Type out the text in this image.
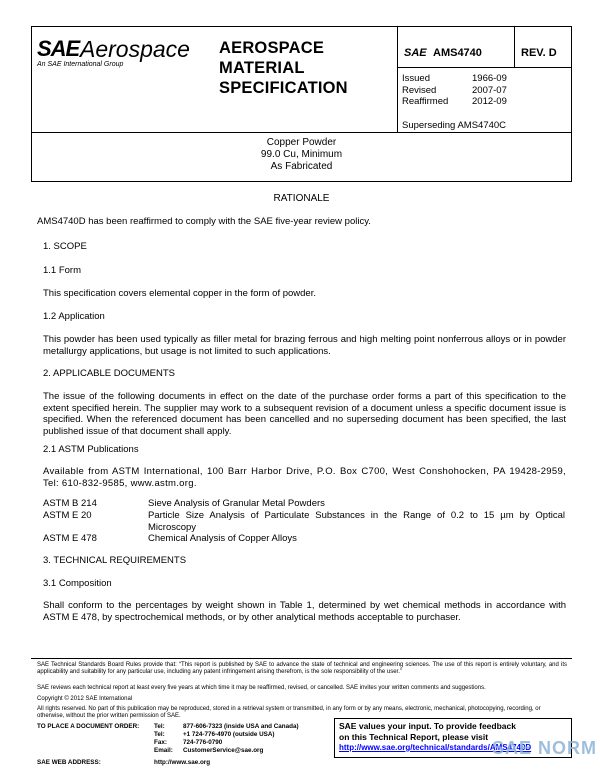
SAE Aerospace
An SAE International Group
AEROSPACE
MATERIAL
SPECIFICATION
SAE AMS4740	REV. D
Issued	1966-09
Revised	2007-07
Reaffirmed 2012-09
Superseding AMS4740C
Copper Powder
99.0 Cu, Minimum
As Fabricated
RATIONALE
AMS4740D has been reaffirmed to comply with the SAE five-year review policy.
1. SCOPE
1.1 Form
This specification covers elemental copper in the form of powder.
1.2 Application
This powder has been used typically as filler metal for brazing ferrous and high melting point nonferrous alloys or in powder metallurgy applications, but usage is not limited to such applications.
2. APPLICABLE DOCUMENTS
The issue of the following documents in effect on the date of the purchase order forms a part of this specification to the extent specified herein. The supplier may work to a subsequent revision of a document unless a specific document issue is specified. When the referenced document has been cancelled and no superseding document has been specified, the last published issue of that document shall apply.
2.1 ASTM Publications
Available from ASTM International, 100 Barr Harbor Drive, P.O. Box C700, West Conshohocken, PA 19428-2959, Tel: 610-832-9585, www.astm.org.
ASTM B 214	Sieve Analysis of Granular Metal Powders
ASTM E 20	Particle Size Analysis of Particulate Substances in the Range of 0.2 to 15 µm by Optical Microscopy
ASTM E 478	Chemical Analysis of Copper Alloys
3. TECHNICAL REQUIREMENTS
3.1 Composition
Shall conform to the percentages by weight shown in Table 1, determined by wet chemical methods in accordance with ASTM E 478, by spectrochemical methods, or by other analytical methods acceptable to purchaser.
SAE Technical Standards Board Rules provide that: “This report is published by SAE to advance the state of technical and engineering sciences. The use of this report is entirely voluntary, and its applicability and suitability for any particular use, including any patent infringement arising therefrom, is the sole responsibility of the user.”
SAE reviews each technical report at least every five years at which time it may be reaffirmed, revised, or cancelled. SAE invites your written comments and suggestions.
Copyright © 2012 SAE International
All rights reserved. No part of this publication may be reproduced, stored in a retrieval system or transmitted, in any form or by any means, electronic, mechanical, photocopying, recording, or otherwise, without the prior written permission of SAE.
TO PLACE A DOCUMENT ORDER: Tel:	877-606-7323 (inside USA and Canada)
Tel:	+1 724-776-4970 (outside USA)
Fax:	724-776-0790
Email: CustomerService@sae.org
SAE WEB ADDRESS:	http://www.sae.org
SAE values your input. To provide feedback
on this Technical Report, please visit
http://www.sae.org/technical/standards/AMS4740D
SAE NORM
